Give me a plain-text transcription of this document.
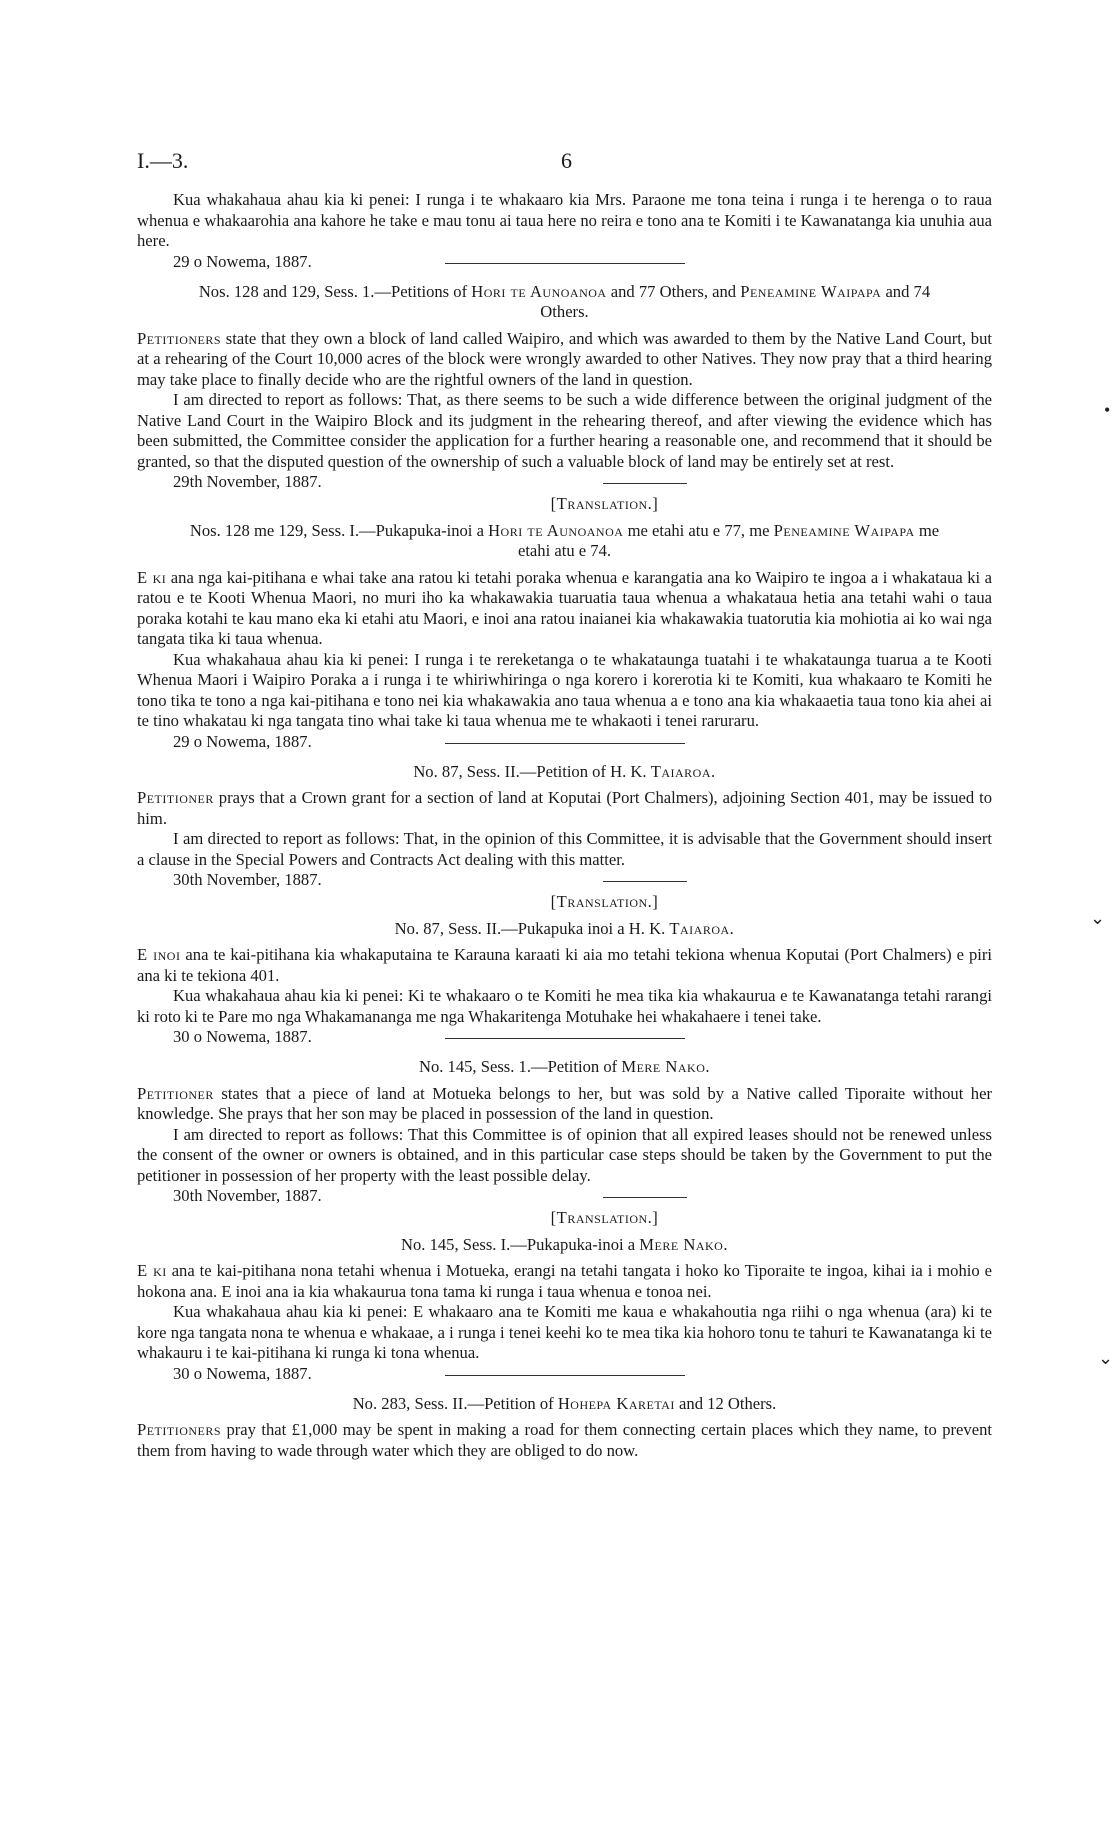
I.—3.	6
•
⌄
⌄

Kua whakahaua ahau kia ki penei: I runga i te whakaaro kia Mrs. Paraone me tona teina i runga i te herenga o to raua whenua e whakaarohia ana kahore he take e mau tonu ai taua here no reira e tono ana te Komiti i te Kawanatanga kia unuhia aua here.

29 o Nowema, 1887.

Nos. 128 and 129, Sess. 1.—Petitions of Hori te Aunoanoa and 77 Others, and Peneamine Waipapa and 74 Others.

Petitioners state that they own a block of land called Waipiro, and which was awarded to them by the Native Land Court, but at a rehearing of the Court 10,000 acres of the block were wrongly awarded to other Natives. They now pray that a third hearing may take place to finally decide who are the rightful owners of the land in question.

I am directed to report as follows: That, as there seems to be such a wide difference between the original judgment of the Native Land Court in the Waipiro Block and its judgment in the rehearing thereof, and after viewing the evidence which has been submitted, the Committee consider the application for a further hearing a reasonable one, and recommend that it should be granted, so that the disputed question of the ownership of such a valuable block of land may be entirely set at rest.

29th November, 1887.

[Translation.]

Nos. 128 me 129, Sess. I.—Pukapuka-inoi a Hori te Aunoanoa me etahi atu e 77, me Peneamine Waipapa me etahi atu e 74.

E ki ana nga kai-pitihana e whai take ana ratou ki tetahi poraka whenua e karangatia ana ko Waipiro te ingoa a i whakataua ki a ratou e te Kooti Whenua Maori, no muri iho ka whakawakia tuaruatia taua whenua a whakataua hetia ana tetahi wahi o taua poraka kotahi te kau mano eka ki etahi atu Maori, e inoi ana ratou inaianei kia whakawakia tuatorutia kia mohiotia ai ko wai nga tangata tika ki taua whenua.

Kua whakahaua ahau kia ki penei: I runga i te rereketanga o te whakataunga tuatahi i te whakataunga tuarua a te Kooti Whenua Maori i Waipiro Poraka a i runga i te whiriwhiringa o nga korero i korerotia ki te Komiti, kua whakaaro te Komiti he tono tika te tono a nga kai-pitihana e tono nei kia whakawakia ano taua whenua a e tono ana kia whakaaetia taua tono kia ahei ai te tino whakatau ki nga tangata tino whai take ki taua whenua me te whakaoti i tenei raruraru.

29 o Nowema, 1887.

No. 87, Sess. II.—Petition of H. K. Taiaroa.

Petitioner prays that a Crown grant for a section of land at Koputai (Port Chalmers), adjoining Section 401, may be issued to him.

I am directed to report as follows: That, in the opinion of this Committee, it is advisable that the Government should insert a clause in the Special Powers and Contracts Act dealing with this matter.

30th November, 1887.

[Translation.]

No. 87, Sess. II.—Pukapuka inoi a H. K. Taiaroa.

E inoi ana te kai-pitihana kia whakaputaina te Karauna karaati ki aia mo tetahi tekiona whenua Koputai (Port Chalmers) e piri ana ki te tekiona 401.

Kua whakahaua ahau kia ki penei: Ki te whakaaro o te Komiti he mea tika kia whakaurua e te Kawanatanga tetahi rarangi ki roto ki te Pare mo nga Whakamananga me nga Whakaritenga Motuhake hei whakahaere i tenei take.

30 o Nowema, 1887.

No. 145, Sess. 1.—Petition of Mere Nako.

Petitioner states that a piece of land at Motueka belongs to her, but was sold by a Native called Tiporaite without her knowledge. She prays that her son may be placed in possession of the land in question.

I am directed to report as follows: That this Committee is of opinion that all expired leases should not be renewed unless the consent of the owner or owners is obtained, and in this particular case steps should be taken by the Government to put the petitioner in possession of her property with the least possible delay.

30th November, 1887.

[Translation.]

No. 145, Sess. I.—Pukapuka-inoi a Mere Nako.

E ki ana te kai-pitihana nona tetahi whenua i Motueka, erangi na tetahi tangata i hoko ko Tiporaite te ingoa, kihai ia i mohio e hokona ana. E inoi ana ia kia whakaurua tona tama ki runga i taua whenua e tonoa nei.

Kua whakahaua ahau kia ki penei: E whakaaro ana te Komiti me kaua e whakahoutia nga riihi o nga whenua (ara) ki te kore nga tangata nona te whenua e whakaae, a i runga i tenei keehi ko te mea tika kia hohoro tonu te tahuri te Kawanatanga ki te whakauru i te kai-pitihana ki runga ki tona whenua.

30 o Nowema, 1887.

No. 283, Sess. II.—Petition of Hohepa Karetai and 12 Others.

Petitioners pray that £1,000 may be spent in making a road for them connecting certain places which they name, to prevent them from having to wade through water which they are obliged to do now.
